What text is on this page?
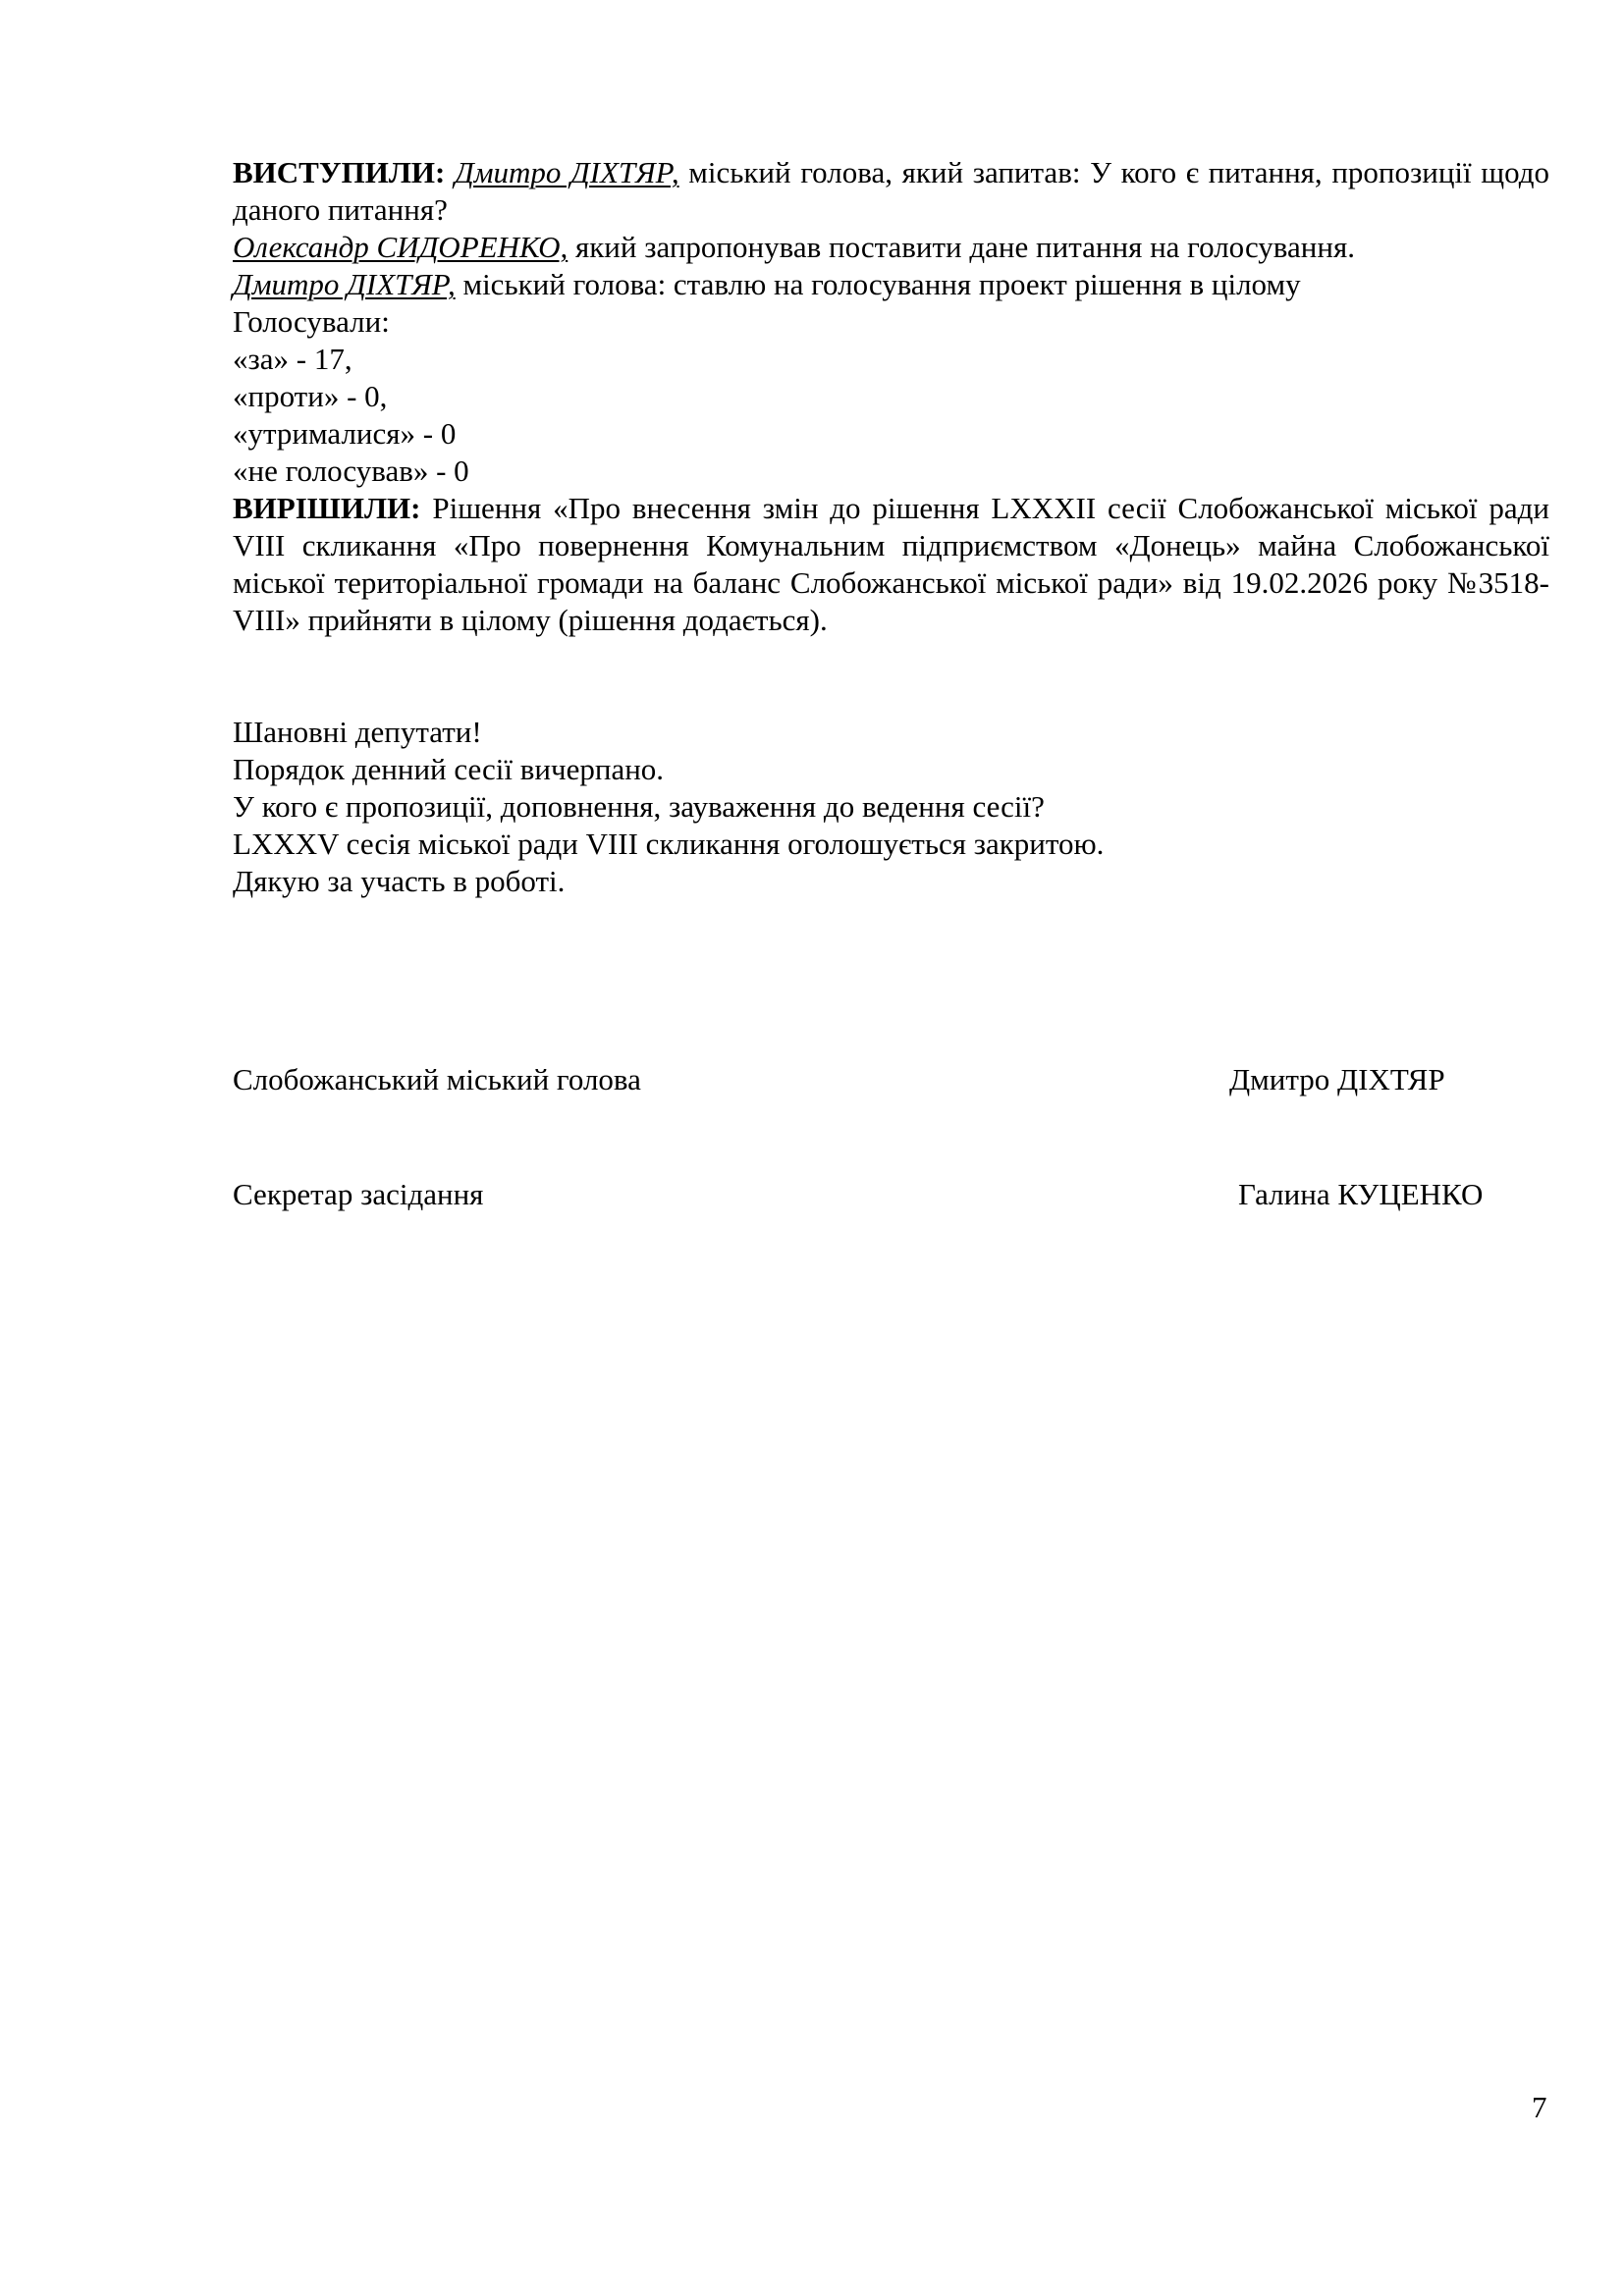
ВИСТУПИЛИ: Дмитро ДІХТЯР, міський голова, який запитав: У кого є питання, пропозиції щодо даного питання?

Олександр СИДОРЕНКО, який запропонував поставити дане питання на голосування.

Дмитро ДІХТЯР, міський голова: ставлю на голосування проект рішення в цілому

Голосували:

«за» - 17,

«проти» - 0,

«утрималися» - 0

«не голосував» - 0

ВИРІШИЛИ: Рішення «Про внесення змін до рішення LXXXII сесії Слобожанської міської ради VIII скликання «Про повернення Комунальним підприємством «Донець» майна Слобожанської міської територіальної громади на баланс Слобожанської міської ради» від 19.02.2026 року №3518- VIII» прийняти в цілому (рішення додається).

Шановні депутати!

Порядок денний сесії вичерпано.

У кого є пропозиції, доповнення, зауваження до ведення сесії?

LXXXV сесія міської ради VIII скликання оголошується закритою.

Дякую за участь в роботі.

Слобожанський міський голова	Дмитро ДІХТЯР
Секретар засідання	Галина КУЦЕНКО
7
